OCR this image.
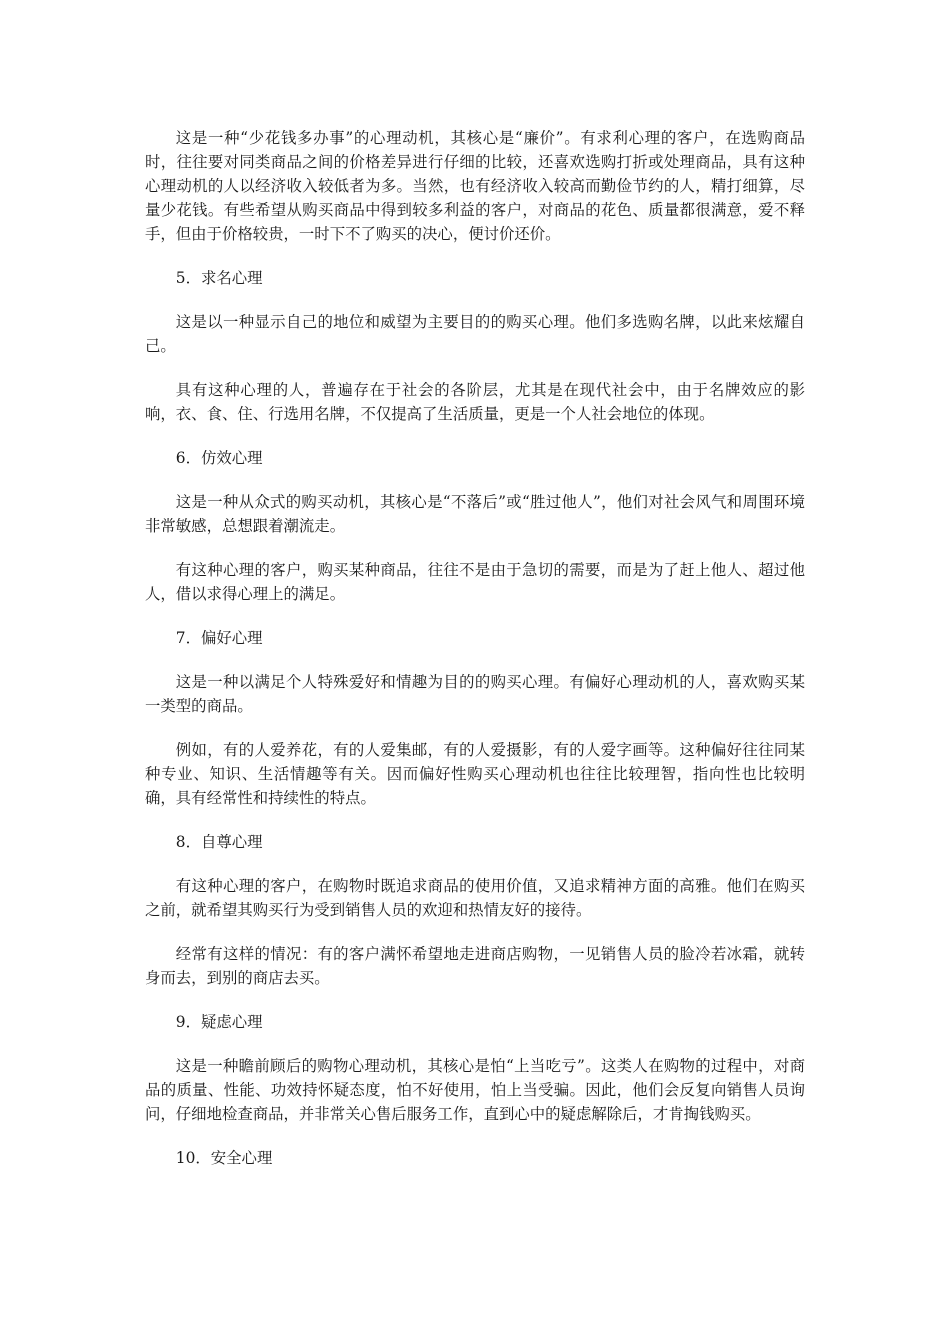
这是一种“少花钱多办事”的心理动机，其核心是“廉价”。有求利心理的客户，在选购商品时，往往要对同类商品之间的价格差异进行仔细的比较，还喜欢选购打折或处理商品，具有这种心理动机的人以经济收入较低者为多。当然，也有经济收入较高而勤俭节约的人，精打细算，尽量少花钱。有些希望从购买商品中得到较多利益的客户，对商品的花色、质量都很满意，爱不释手，但由于价格较贵，一时下不了购买的决心，便讨价还价。

5．求名心理

这是以一种显示自己的地位和威望为主要目的的购买心理。他们多选购名牌，以此来炫耀自己。

具有这种心理的人，普遍存在于社会的各阶层，尤其是在现代社会中，由于名牌效应的影响，衣、食、住、行选用名牌，不仅提高了生活质量，更是一个人社会地位的体现。

6．仿效心理

这是一种从众式的购买动机，其核心是“不落后”或“胜过他人”，他们对社会风气和周围环境非常敏感，总想跟着潮流走。

有这种心理的客户，购买某种商品，往往不是由于急切的需要，而是为了赶上他人、超过他人，借以求得心理上的满足。

7．偏好心理

这是一种以满足个人特殊爱好和情趣为目的的购买心理。有偏好心理动机的人，喜欢购买某一类型的商品。

例如，有的人爱养花，有的人爱集邮，有的人爱摄影，有的人爱字画等。这种偏好往往同某种专业、知识、生活情趣等有关。因而偏好性购买心理动机也往往比较理智，指向性也比较明确，具有经常性和持续性的特点。

8．自尊心理

有这种心理的客户，在购物时既追求商品的使用价值，又追求精神方面的高雅。他们在购买之前，就希望其购买行为受到销售人员的欢迎和热情友好的接待。

经常有这样的情况：有的客户满怀希望地走进商店购物，一见销售人员的脸冷若冰霜，就转身而去，到别的商店去买。

9．疑虑心理

这是一种瞻前顾后的购物心理动机，其核心是怕“上当吃亏”。这类人在购物的过程中，对商品的质量、性能、功效持怀疑态度，怕不好使用，怕上当受骗。因此，他们会反复向销售人员询问，仔细地检查商品，并非常关心售后服务工作，直到心中的疑虑解除后，才肯掏钱购买。

10．安全心理
